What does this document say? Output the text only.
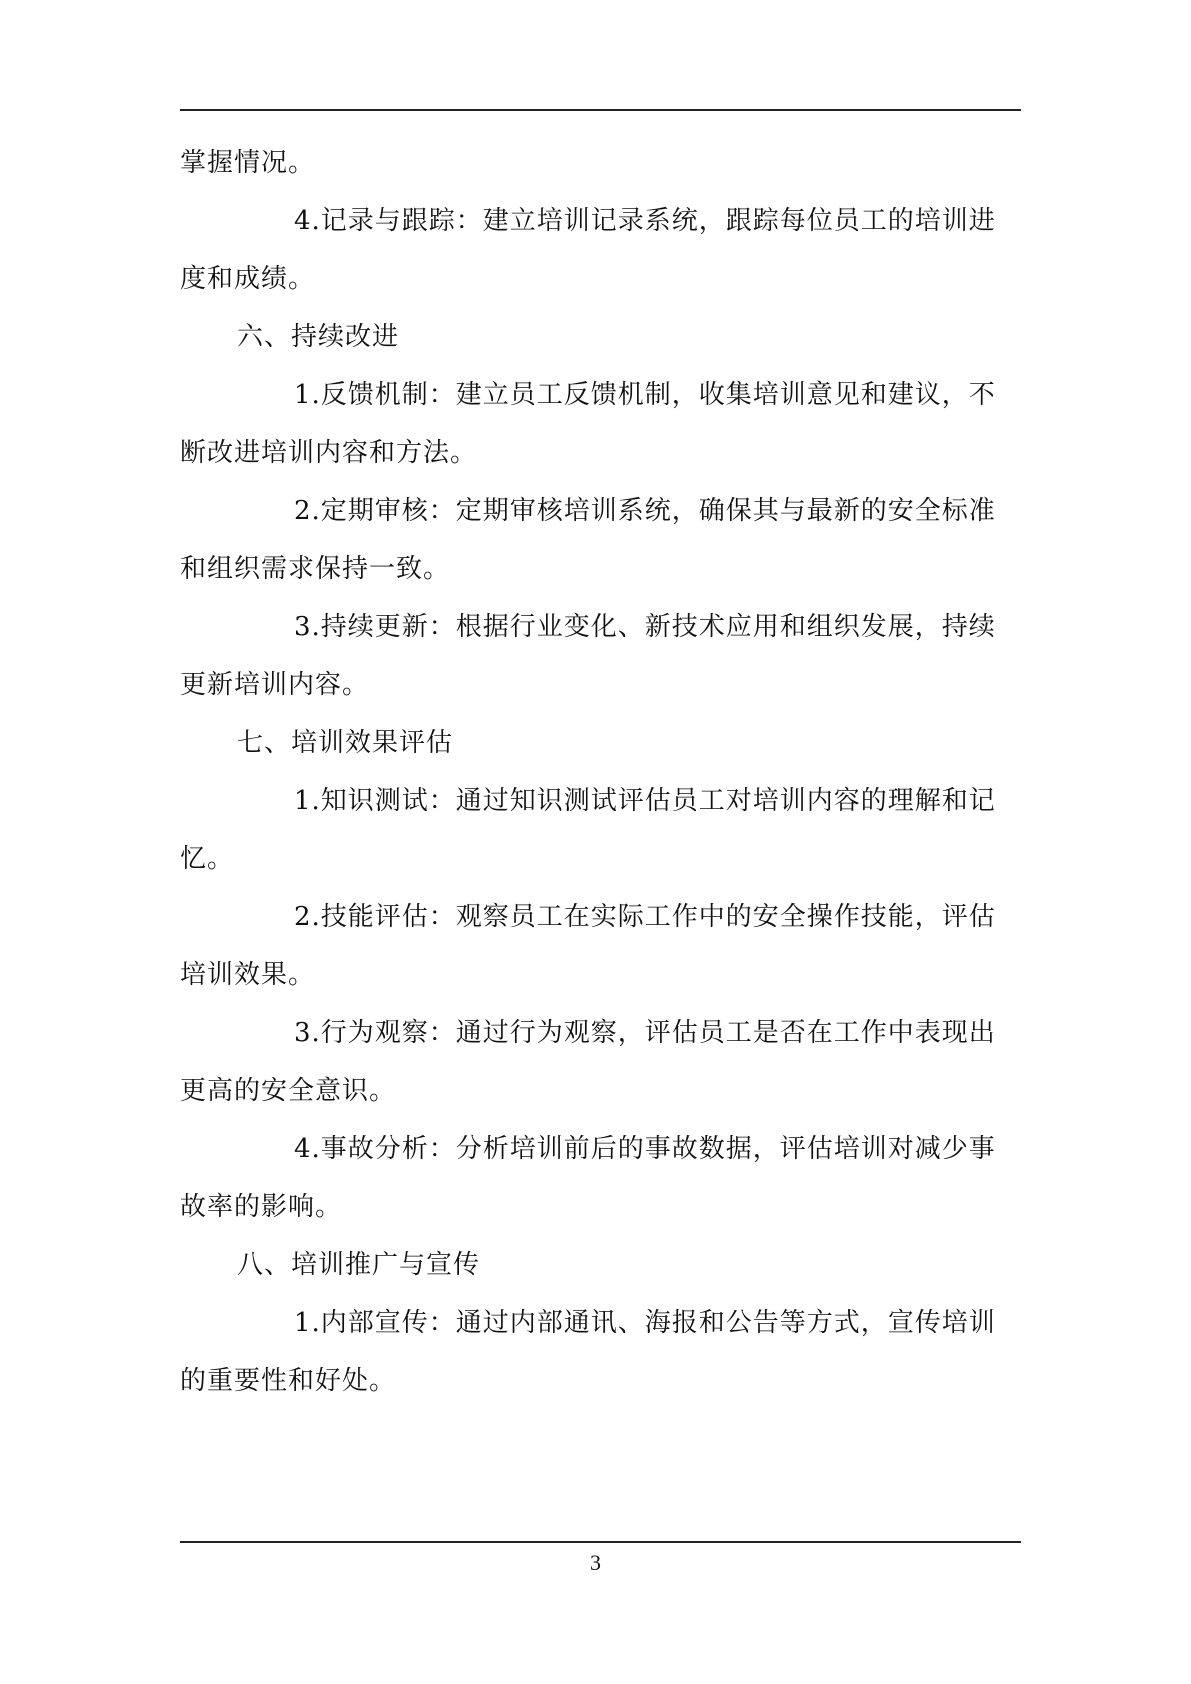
掌握情况。
4.记录与跟踪：建立培训记录系统，跟踪每位员工的培训进
度和成绩。
六、持续改进
1.反馈机制：建立员工反馈机制，收集培训意见和建议，不
断改进培训内容和方法。
2.定期审核：定期审核培训系统，确保其与最新的安全标准
和组织需求保持一致。
3.持续更新：根据行业变化、新技术应用和组织发展，持续
更新培训内容。
七、培训效果评估
1.知识测试：通过知识测试评估员工对培训内容的理解和记
忆。
2.技能评估：观察员工在实际工作中的安全操作技能，评估
培训效果。
3.行为观察：通过行为观察，评估员工是否在工作中表现出
更高的安全意识。
4.事故分析：分析培训前后的事故数据，评估培训对减少事
故率的影响。
八、培训推广与宣传
1.内部宣传：通过内部通讯、海报和公告等方式，宣传培训
的重要性和好处。
3
